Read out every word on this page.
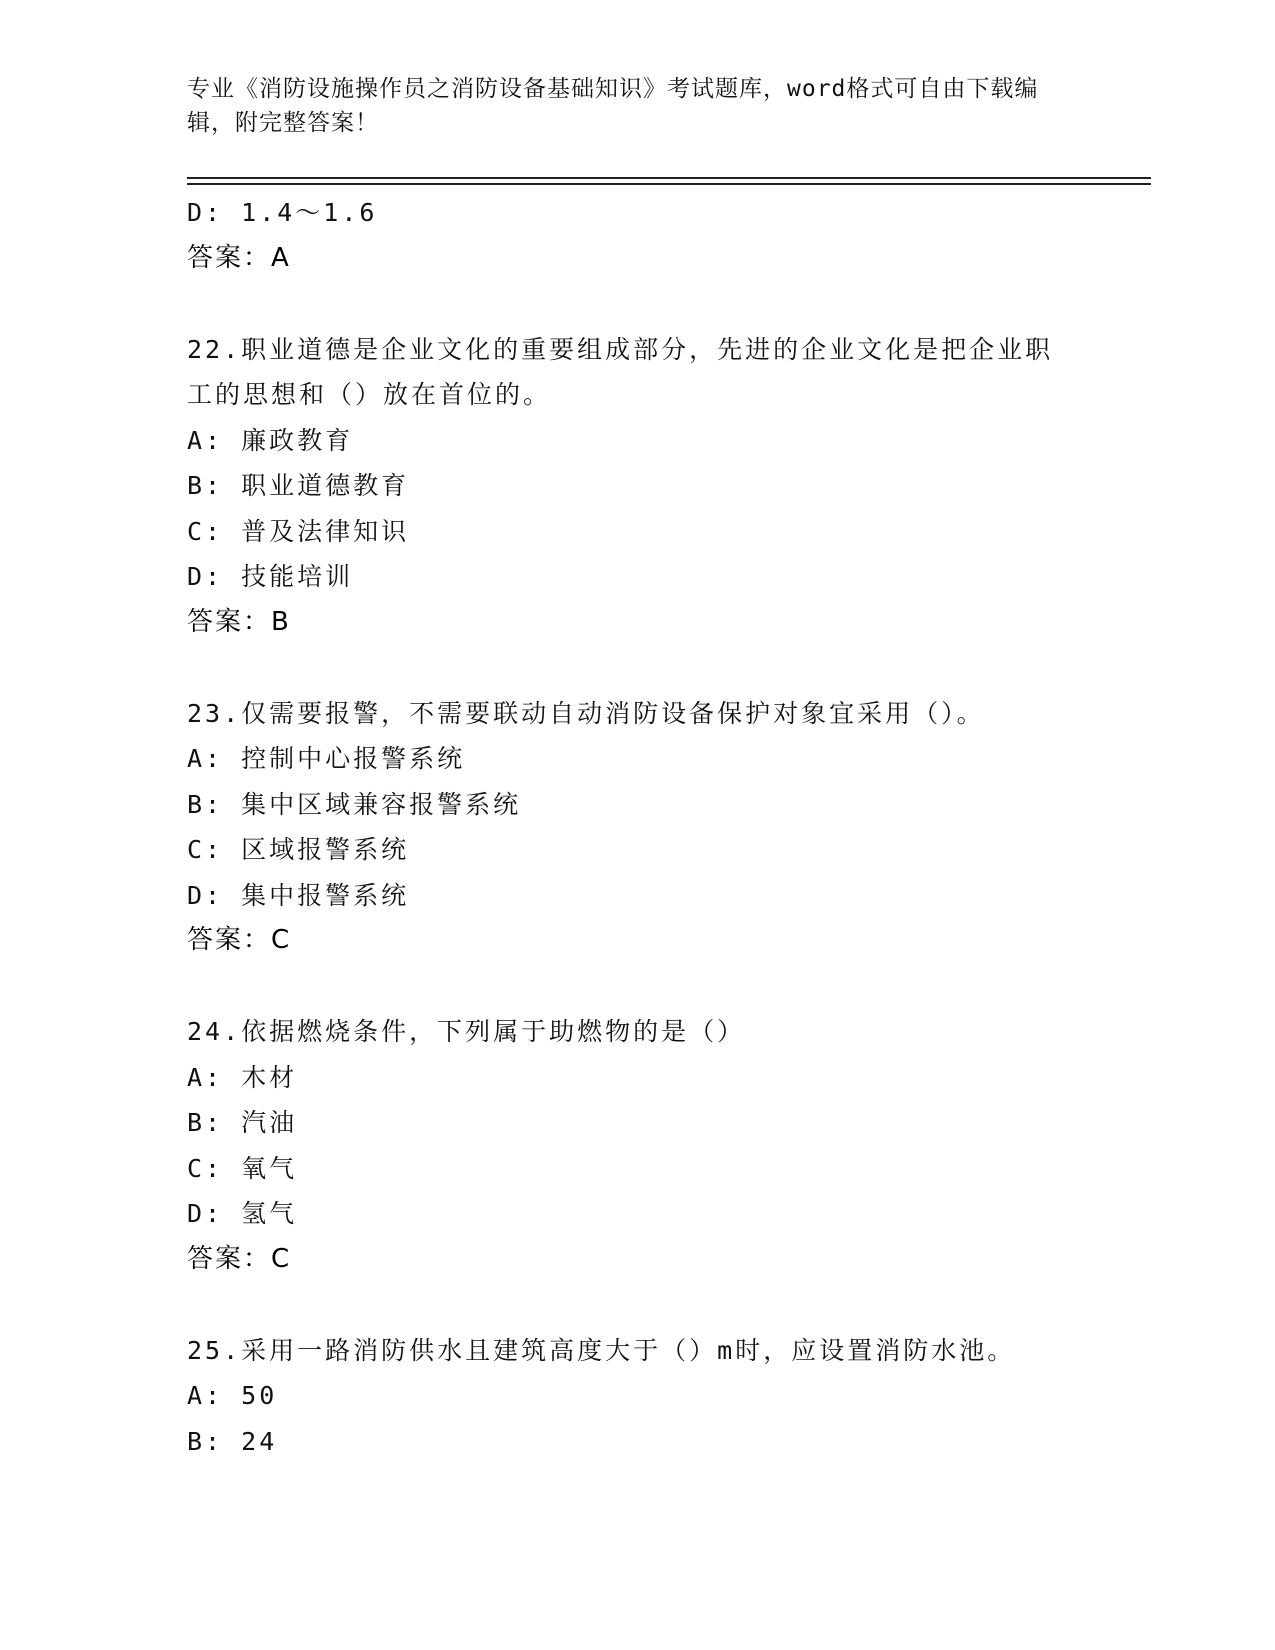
专业《消防设施操作员之消防设备基础知识》考试题库，word格式可自由下载编辑，附完整答案！
D: 1.4～1.6
答案：A
22.职业道德是企业文化的重要组成部分，先进的企业文化是把企业职
工的思想和（）放在首位的。
A: 廉政教育
B: 职业道德教育
C: 普及法律知识
D: 技能培训
答案：B
23.仅需要报警，不需要联动自动消防设备保护对象宜采用（）。
A: 控制中心报警系统
B: 集中区域兼容报警系统
C: 区域报警系统
D: 集中报警系统
答案：C
24.依据燃烧条件，下列属于助燃物的是（）
A: 木材
B: 汽油
C: 氧气
D: 氢气
答案：C
25.采用一路消防供水且建筑高度大于（）m时，应设置消防水池。
A: 50
B: 24
